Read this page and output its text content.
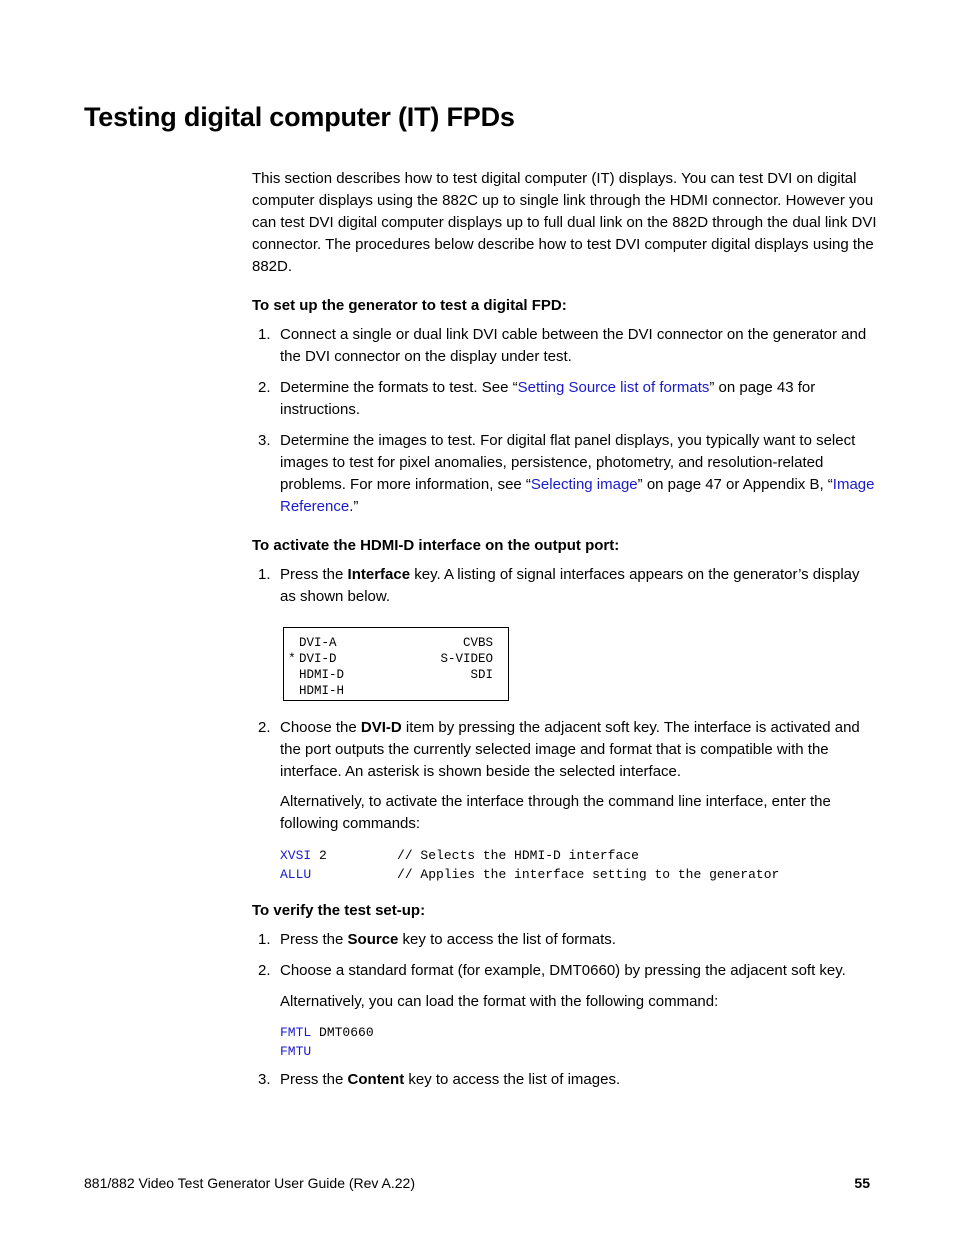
Testing digital computer (IT) FPDs
This section describes how to test digital computer (IT) displays. You can test DVI on digital computer displays using the 882C up to single link through the HDMI connector. However you can test DVI digital computer displays up to full dual link on the 882D through the dual link DVI connector. The procedures below describe how to test DVI computer digital displays using the 882D.
To set up the generator to test a digital FPD:
1. Connect a single or dual link DVI cable between the DVI connector on the generator and the DVI connector on the display under test.
2. Determine the formats to test. See “Setting Source list of formats” on page 43 for instructions.
3. Determine the images to test. For digital flat panel displays, you typically want to select images to test for pixel anomalies, persistence, photometry, and resolution-related problems. For more information, see “Selecting image” on page 47 or Appendix B, “Image Reference.”
To activate the HDMI-D interface on the output port:
1. Press the Interface key. A listing of signal interfaces appears on the generator’s display as shown below.
*
DVI-A
DVI-D
HDMI-D
HDMI-H
CVBS
S-VIDEO
SDI
2. Choose the DVI-D item by pressing the adjacent soft key. The interface is activated and the port outputs the currently selected image and format that is compatible with the interface. An asterisk is shown beside the selected interface.
Alternatively, to activate the interface through the command line interface, enter the following commands:
XVSI 2         // Selects the HDMI-D interface
ALLU           // Applies the interface setting to the generator
To verify the test set-up:
1. Press the Source key to access the list of formats.
2. Choose a standard format (for example, DMT0660) by pressing the adjacent soft key.
Alternatively, you can load the format with the following command:
FMTL DMT0660
FMTU
3. Press the Content key to access the list of images.
881/882 Video Test Generator User Guide (Rev A.22)	55
